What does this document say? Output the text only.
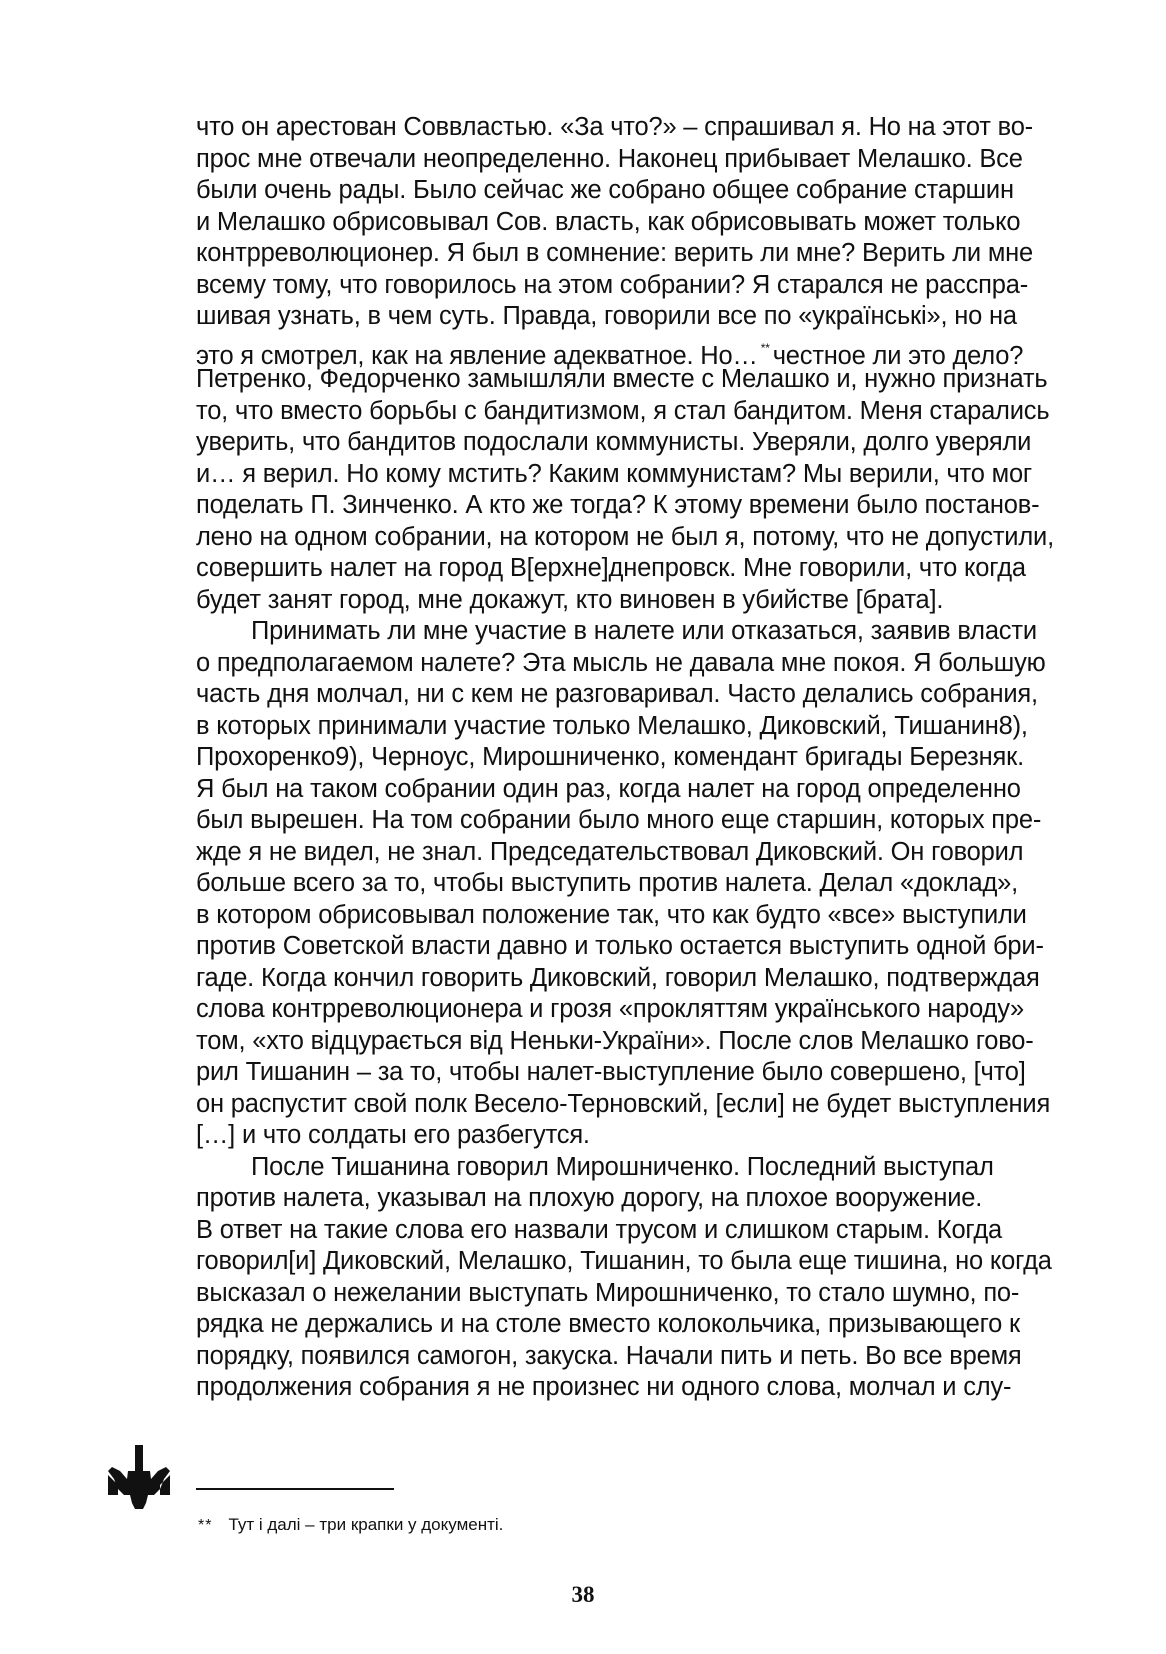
что он арестован Соввластью. «За что?» – спрашивал я. Но на этот во-
прос мне отвечали неопределенно. Наконец прибывает Мелашко. Все
были очень рады. Было сейчас же собрано общее собрание старшин
и Мелашко обрисовывал Сов. власть, как обрисовывать может только
контрреволюционер. Я был в сомнение: верить ли мне? Верить ли мне
всему тому, что говорилось на этом собрании? Я старался не расспра-
шивая узнать, в чем суть. Правда, говорили все по «українські», но на
это я смотрел, как на явление адекватное. Но… ** честное ли это дело?
Петренко, Федорченко замышляли вместе с Мелашко и, нужно признать
то, что вместо борьбы с бандитизмом, я стал бандитом. Меня старались
уверить, что бандитов подослали коммунисты. Уверяли, долго уверяли
и… я верил. Но кому мстить? Каким коммунистам? Мы верили, что мог
поделать П. Зинченко. А кто же тогда? К этому времени было постанов-
лено на одном собрании, на котором не был я, потому, что не допустили,
совершить налет на город В[ерхне]днепровск. Мне говорили, что когда
будет занят город, мне докажут, кто виновен в убийстве [брата].
Принимать ли мне участие в налете или отказаться, заявив власти
о предполагаемом налете? Эта мысль не давала мне покоя. Я большую
часть дня молчал, ни с кем не разговаривал. Часто делались собрания,
в которых принимали участие только Мелашко, Диковский, Тишанин8),
Прохоренко9), Черноус, Мирошниченко, комендант бригады Березняк.
Я был на таком собрании один раз, когда налет на город определенно
был вырешен. На том собрании было много еще старшин, которых пре-
жде я не видел, не знал. Председательствовал Диковский. Он говорил
больше всего за то, чтобы выступить против налета. Делал «доклад»,
в котором обрисовывал положение так, что как будто «все» выступили
против Советской власти давно и только остается выступить одной бри-
гаде. Когда кончил говорить Диковский, говорил Мелашко, подтверждая
слова контрреволюционера и грозя «прокляттям українського народу»
том, «хто відцурається від Неньки-України». После слов Мелашко гово-
рил Тишанин – за то, чтобы налет-выступление было совершено, [что]
он распустит свой полк Весело-Терновский, [если] не будет выступления
[…] и что солдаты его разбегутся.
После Тишанина говорил Мирошниченко. Последний выступал
против налета, указывал на плохую дорогу, на плохое вооружение.
В ответ на такие слова его назвали трусом и слишком старым. Когда
говорил[и] Диковский, Мелашко, Тишанин, то была еще тишина, но когда
высказал о нежелании выступать Мирошниченко, то стало шумно, по-
рядка не держались и на столе вместо колокольчика, призывающего к
порядку, появился самогон, закуска. Начали пить и петь. Во все время
продолжения собрания я не произнес ни одного слова, молчал и слу-
** Тут і далі – три крапки у документі.
38
